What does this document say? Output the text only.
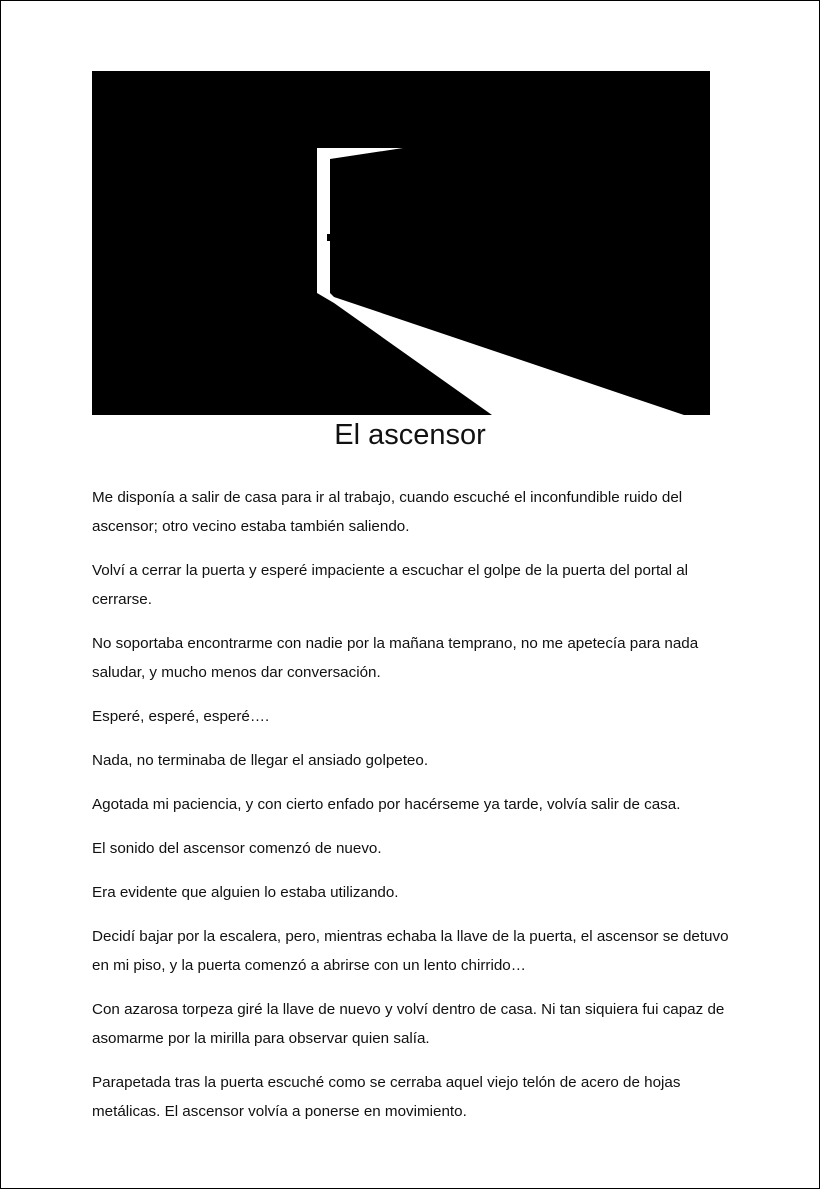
El ascensor

Me disponía a salir de casa para ir al trabajo, cuando escuché el inconfundible ruido del ascensor; otro vecino estaba también saliendo.

Volví a cerrar la puerta y esperé impaciente a escuchar el golpe de la puerta del portal al cerrarse.

No soportaba encontrarme con nadie por la mañana temprano, no me apetecía para nada saludar, y mucho menos dar conversación.

Esperé, esperé, esperé….

Nada, no terminaba de llegar el ansiado golpeteo.

Agotada mi paciencia, y con cierto enfado por hacérseme ya tarde, volvía salir de casa.

El sonido del ascensor comenzó de nuevo.

Era evidente que alguien lo estaba utilizando.

Decidí bajar por la escalera, pero, mientras echaba la llave de la puerta, el ascensor se detuvo en mi piso, y la puerta comenzó a abrirse con un lento chirrido…

Con azarosa torpeza giré la llave de nuevo y volví dentro de casa. Ni tan siquiera fui capaz de asomarme por la mirilla para observar quien salía.

Parapetada tras la puerta escuché como se cerraba aquel viejo telón de acero de hojas metálicas. El ascensor volvía a ponerse en movimiento.
